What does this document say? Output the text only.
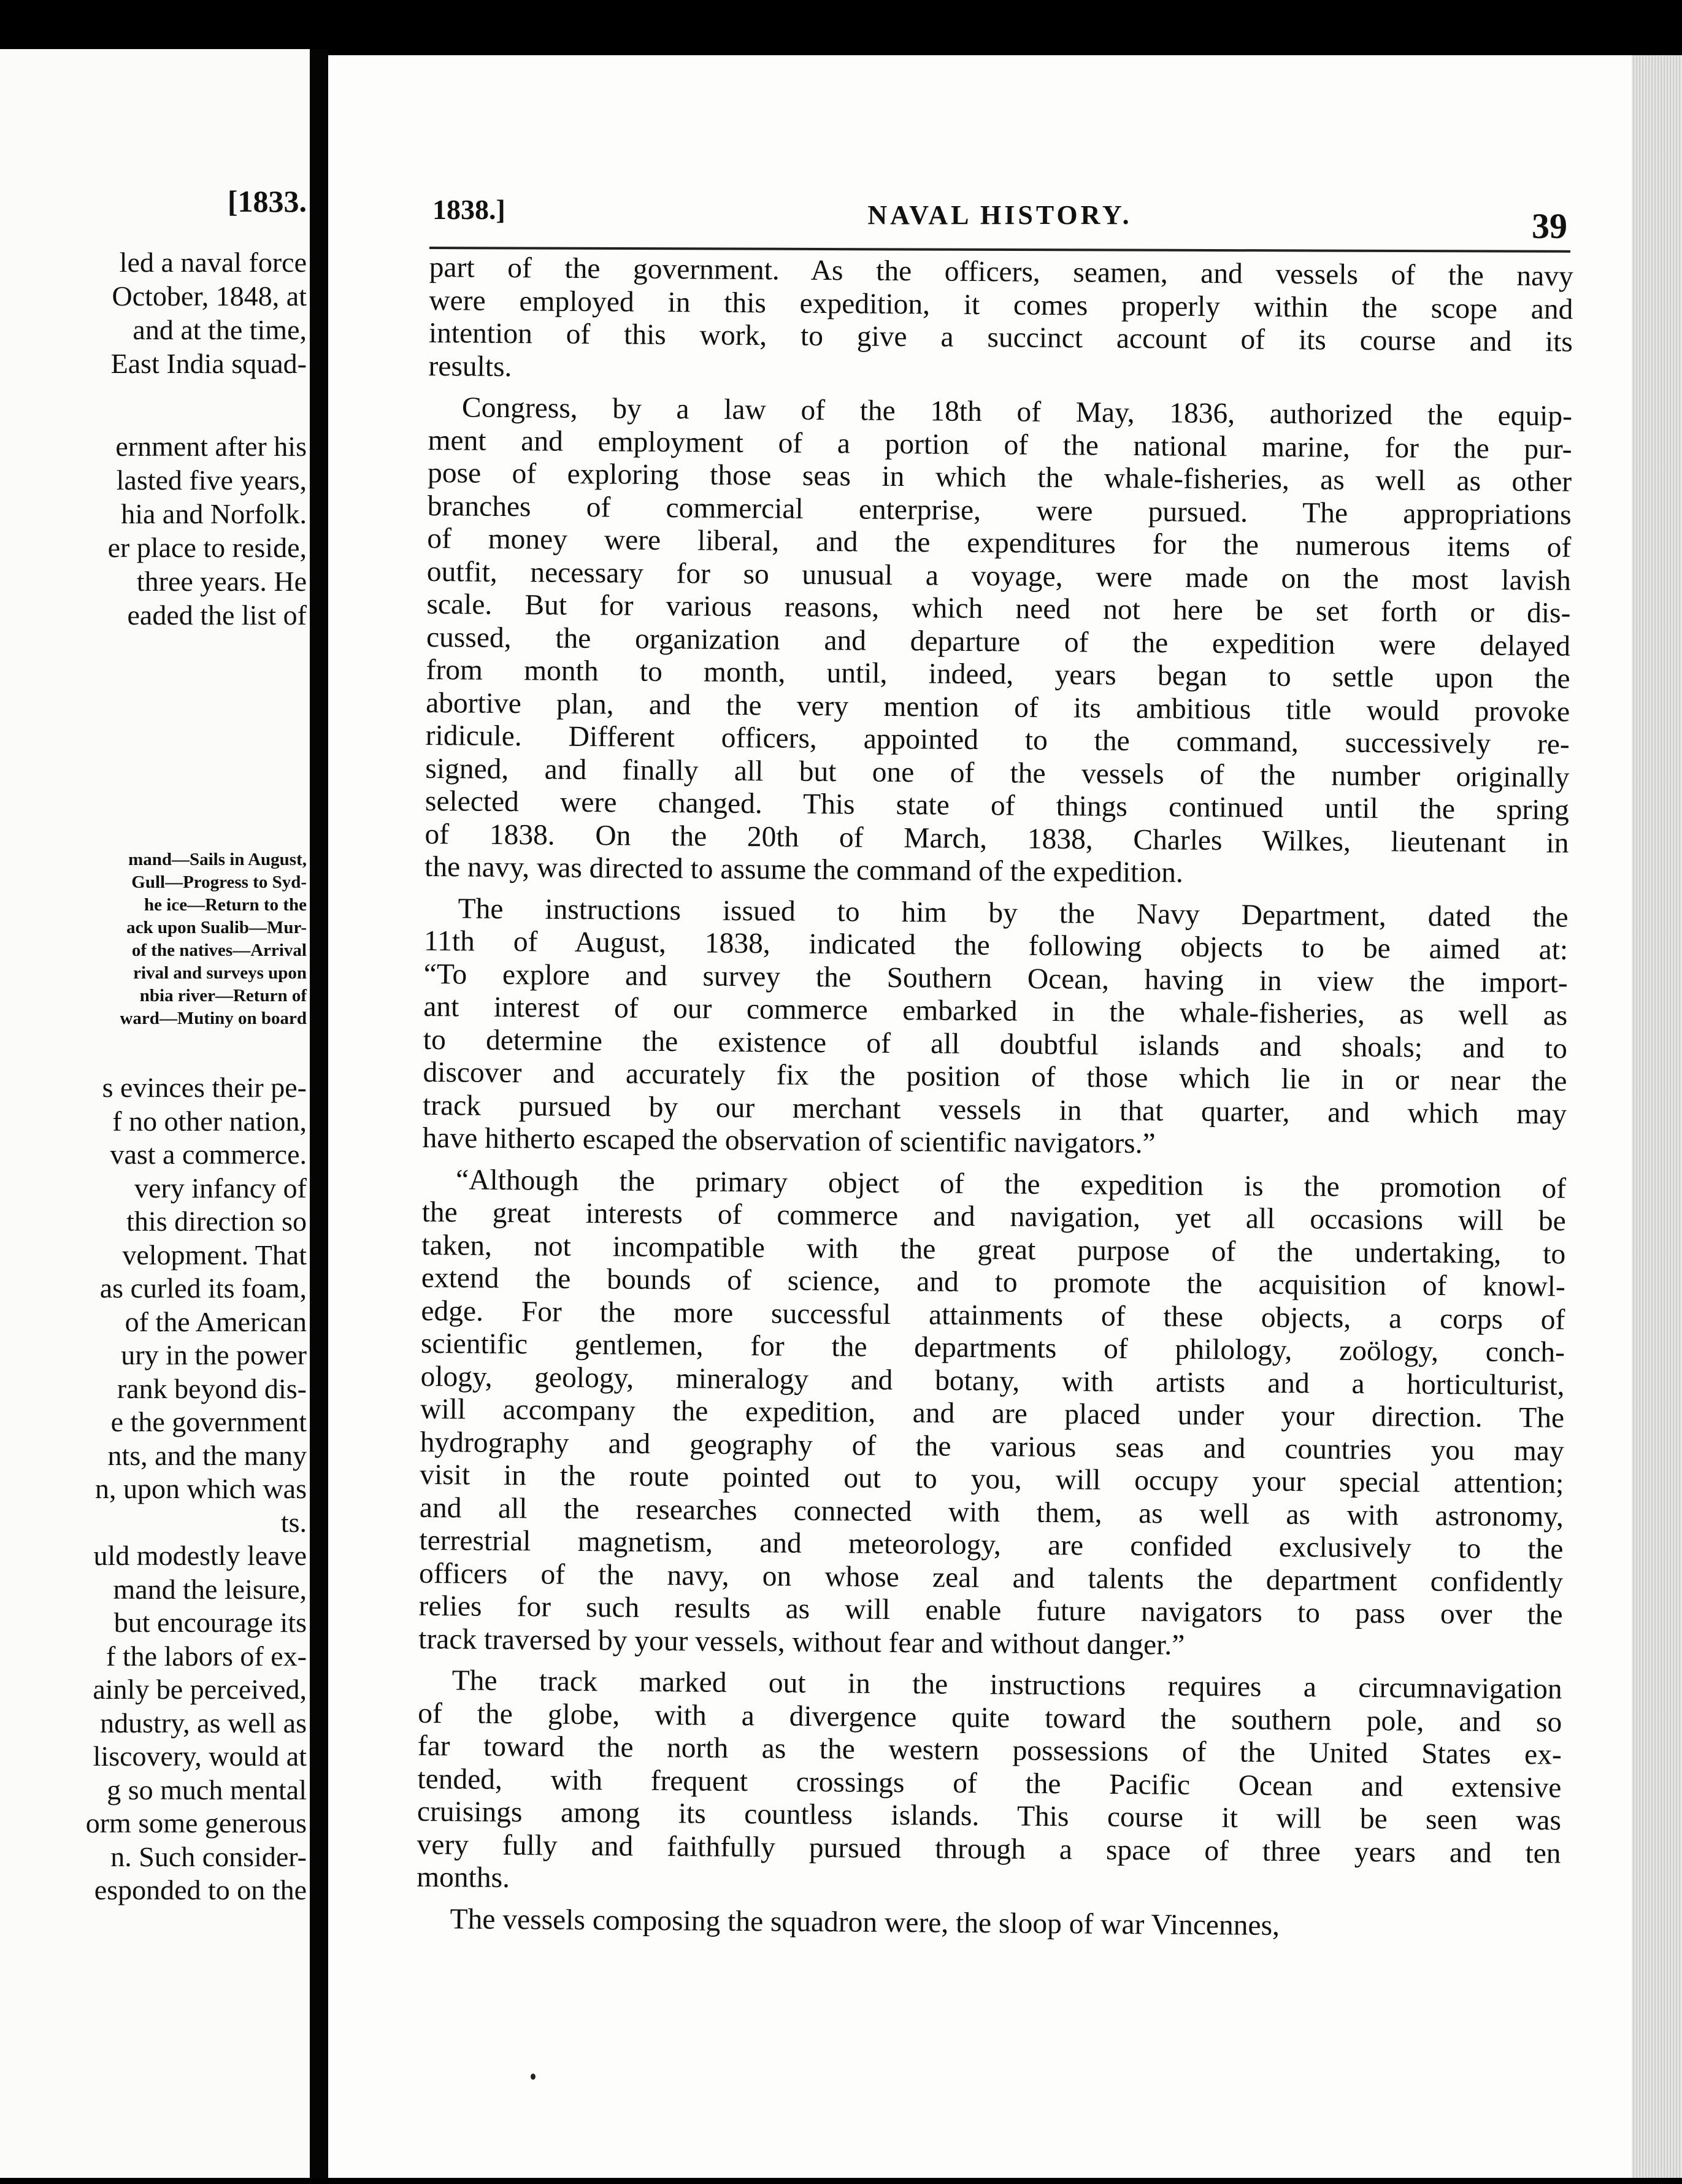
[1833.
led a naval force
October, 1848, at
and at the time,
East India squad-
ernment after his
lasted five years,
hia and Norfolk.
er place to reside,
three years. He
eaded the list of
mand—Sails in August,
Gull—Progress to Syd-
he ice—Return to the
ack upon Sualib—Mur-
of the natives—Arrival
rival and surveys upon
nbia river—Return of
ward—Mutiny on board
s evinces their pe-
f no other nation,
vast a commerce.
very infancy of
this direction so
velopment. That
as curled its foam,
of the American
ury in the power
rank beyond dis-
e the government
nts, and the many
n, upon which was
ts.
uld modestly leave
mand the leisure,
but encourage its
f the labors of ex-
ainly be perceived,
ndustry, as well as
liscovery, would at
g so much mental
orm some generous
n. Such consider-
esponded to on the
1838.]	NAVAL HISTORY.	39
part of the government. As the officers, seamen, and vessels of the navy
were employed in this expedition, it comes properly within the scope and
intention of this work, to give a succinct account of its course and its
results.
Congress, by a law of the 18th of May, 1836, authorized the equip-
ment and employment of a portion of the national marine, for the pur-
pose of exploring those seas in which the whale-fisheries, as well as other
branches of commercial enterprise, were pursued. The appropriations
of money were liberal, and the expenditures for the numerous items of
outfit, necessary for so unusual a voyage, were made on the most lavish
scale. But for various reasons, which need not here be set forth or dis-
cussed, the organization and departure of the expedition were delayed
from month to month, until, indeed, years began to settle upon the
abortive plan, and the very mention of its ambitious title would provoke
ridicule. Different officers, appointed to the command, successively re-
signed, and finally all but one of the vessels of the number originally
selected were changed. This state of things continued until the spring
of 1838. On the 20th of March, 1838, Charles Wilkes, lieutenant in
the navy, was directed to assume the command of the expedition.
The instructions issued to him by the Navy Department, dated the
11th of August, 1838, indicated the following objects to be aimed at:
“To explore and survey the Southern Ocean, having in view the import-
ant interest of our commerce embarked in the whale-fisheries, as well as
to determine the existence of all doubtful islands and shoals; and to
discover and accurately fix the position of those which lie in or near the
track pursued by our merchant vessels in that quarter, and which may
have hitherto escaped the observation of scientific navigators.”
“Although the primary object of the expedition is the promotion of
the great interests of commerce and navigation, yet all occasions will be
taken, not incompatible with the great purpose of the undertaking, to
extend the bounds of science, and to promote the acquisition of knowl-
edge. For the more successful attainments of these objects, a corps of
scientific gentlemen, for the departments of philology, zoölogy, conch-
ology, geology, mineralogy and botany, with artists and a horticulturist,
will accompany the expedition, and are placed under your direction. The
hydrography and geography of the various seas and countries you may
visit in the route pointed out to you, will occupy your special attention;
and all the researches connected with them, as well as with astronomy,
terrestrial magnetism, and meteorology, are confided exclusively to the
officers of the navy, on whose zeal and talents the department confidently
relies for such results as will enable future navigators to pass over the
track traversed by your vessels, without fear and without danger.”
The track marked out in the instructions requires a circumnavigation
of the globe, with a divergence quite toward the southern pole, and so
far toward the north as the western possessions of the United States ex-
tended, with frequent crossings of the Pacific Ocean and extensive
cruisings among its countless islands. This course it will be seen was
very fully and faithfully pursued through a space of three years and ten
months.
The vessels composing the squadron were, the sloop of war Vincennes,
